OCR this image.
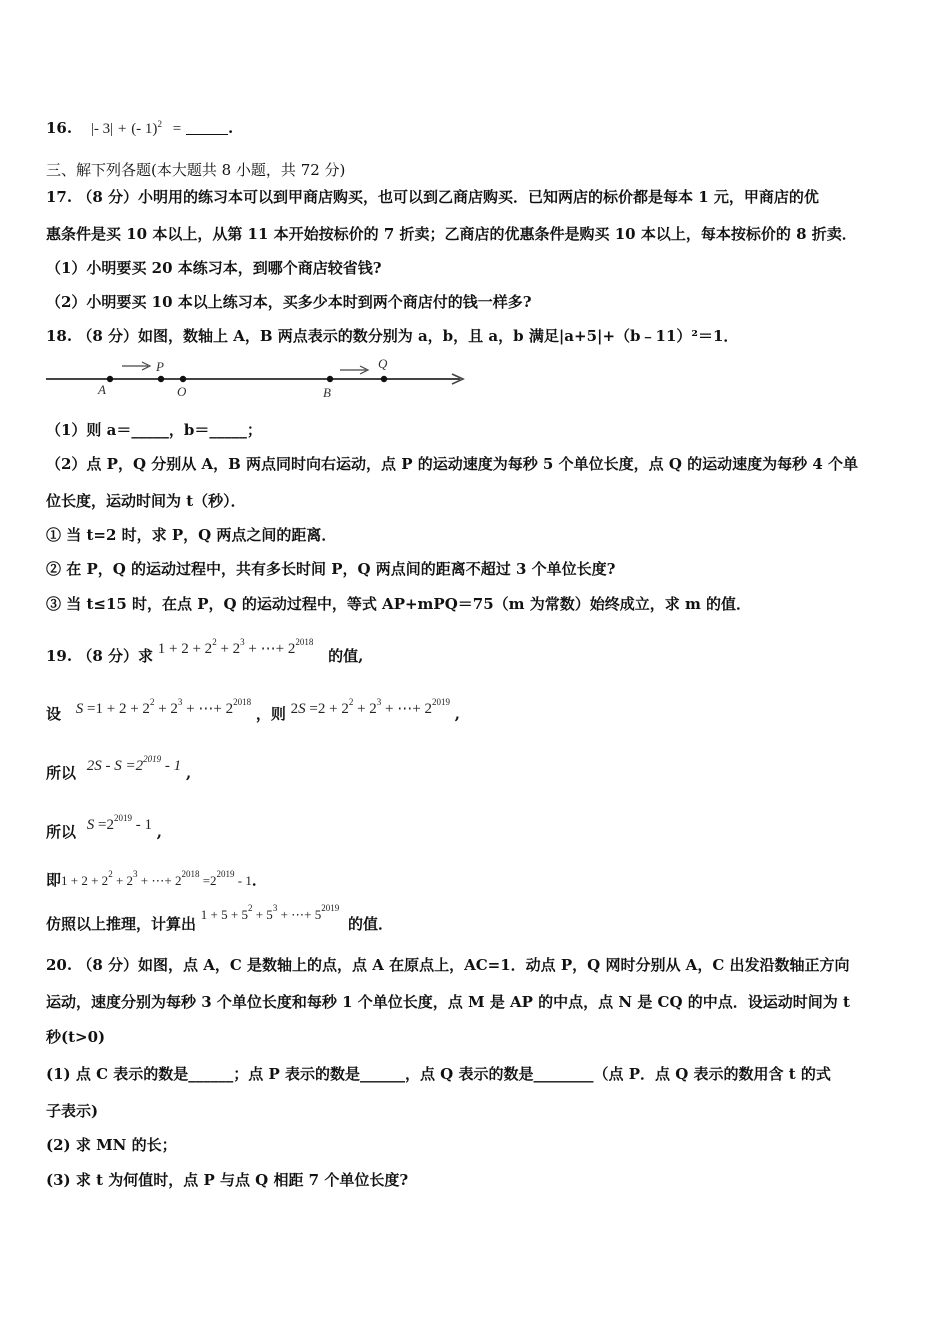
16. |- 3| + (- 1)$^2$ =	.
三、解下列各题(本大题共 8 小题，共 72 分)
17. （8 分）小明用的练习本可以到甲商店购买，也可以到乙商店购买．已知两店的标价都是每本 1 元，甲商店的优
惠条件是买 10 本以上，从第 11 本开始按标价的 7 折卖；乙商店的优惠条件是购买 10 本以上，每本按标价的 8 折卖．
（1）小明要买 20 本练习本，到哪个商店较省钱?
（2）小明要买 10 本以上练习本，买多少本时到两个商店付的钱一样多?
18. （8 分）如图，数轴上 A，B 两点表示的数分别为 a，b，且 a，b 满足|a+5|+（b﹣11）²＝1．
A
P
O	B
Q
（1）则 a＝_____，b＝_____；
（2）点 P，Q 分别从 A，B 两点同时向右运动，点 P 的运动速度为每秒 5 个单位长度，点 Q 的运动速度为每秒 4 个单
位长度，运动时间为 t（秒）．
① 当 t=2 时，求 P，Q 两点之间的距离．
② 在 P，Q 的运动过程中，共有多长时间 P，Q 两点间的距离不超过 3 个单位长度?
③ 当 t≤15 时，在点 P，Q 的运动过程中，等式 AP+mPQ＝75（m 为常数）始终成立，求 m 的值．
19. （8 分）求 $1 + 2 + 2^2 + 2^3$ + ⋯+ $2^{2018}$ 的值,
设 $S =1 + 2 + 2^2 + 2^3$ + ⋯+ $2^{2018}$ ，则 $2S =2 + 2^2 + 2^3$ + ⋯+ $2^{2019}$ ,
所以 $2S - S =2^{2019} - 1$ ,
所以 $S =2^{2019} - 1$ ,
即$1 + 2 + 2^2 + 2^3$ + ⋯+ $2^{2018} =2^{2019} - 1$．
仿照以上推理，计算出 $1 + 5 + 5^2 + 5^3$ + ⋯+ $5^{2019}$ 的值．
20. （8 分）如图，点 A，C 是数轴上的点，点 A 在原点上，AC=1．动点 P，Q 网时分别从 A，C 出发沿数轴正方向
运动，速度分别为每秒 3 个单位长度和每秒 1 个单位长度，点 M 是 AP 的中点，点 N 是 CQ 的中点．设运动时间为 t
秒(t>0)
(1) 点 C 表示的数是______；点 P 表示的数是______，点 Q 表示的数是________（点 P．点 Q 表示的数用含 t 的式
子表示)
(2) 求 MN 的长；
(3) 求 t 为何值时，点 P 与点 Q 相距 7 个单位长度?
